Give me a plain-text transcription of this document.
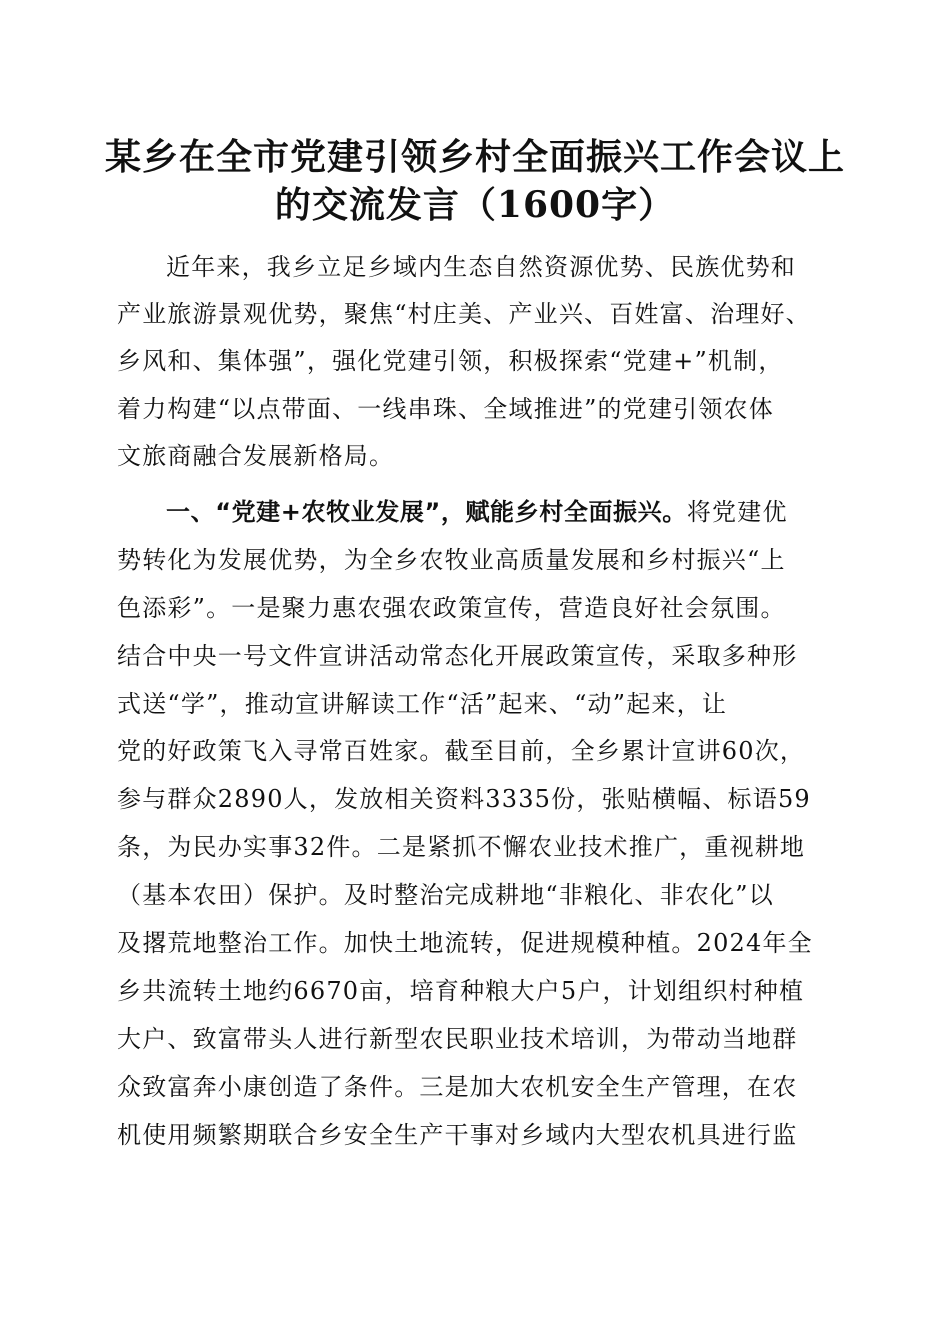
某乡在全市党建引领乡村全面振兴工作会议上
的交流发言（1600字）

近年来，我乡立足乡域内生态自然资源优势、民族优势和

产业旅游景观优势，聚焦“村庄美、产业兴、百姓富、治理好、

乡风和、集体强”，强化党建引领，积极探索“党建+”机制，

着力构建“以点带面、一线串珠、全域推进”的党建引领农体

文旅商融合发展新格局。

一、“党建+农牧业发展”，赋能乡村全面振兴。将党建优

势转化为发展优势，为全乡农牧业高质量发展和乡村振兴“上

色添彩”。一是聚力惠农强农政策宣传，营造良好社会氛围。

结合中央一号文件宣讲活动常态化开展政策宣传，采取多种形

式送“学”，推动宣讲解读工作“活”起来、“动”起来，让

党的好政策飞入寻常百姓家。截至目前，全乡累计宣讲60次，

参与群众2890人，发放相关资料3335份，张贴横幅、标语59

条，为民办实事32件。二是紧抓不懈农业技术推广，重视耕地

（基本农田）保护。及时整治完成耕地“非粮化、非农化”以

及撂荒地整治工作。加快土地流转，促进规模种植。2024年全

乡共流转土地约6670亩，培育种粮大户5户，计划组织村种植

大户、致富带头人进行新型农民职业技术培训，为带动当地群

众致富奔小康创造了条件。三是加大农机安全生产管理，在农

机使用频繁期联合乡安全生产干事对乡域内大型农机具进行监
